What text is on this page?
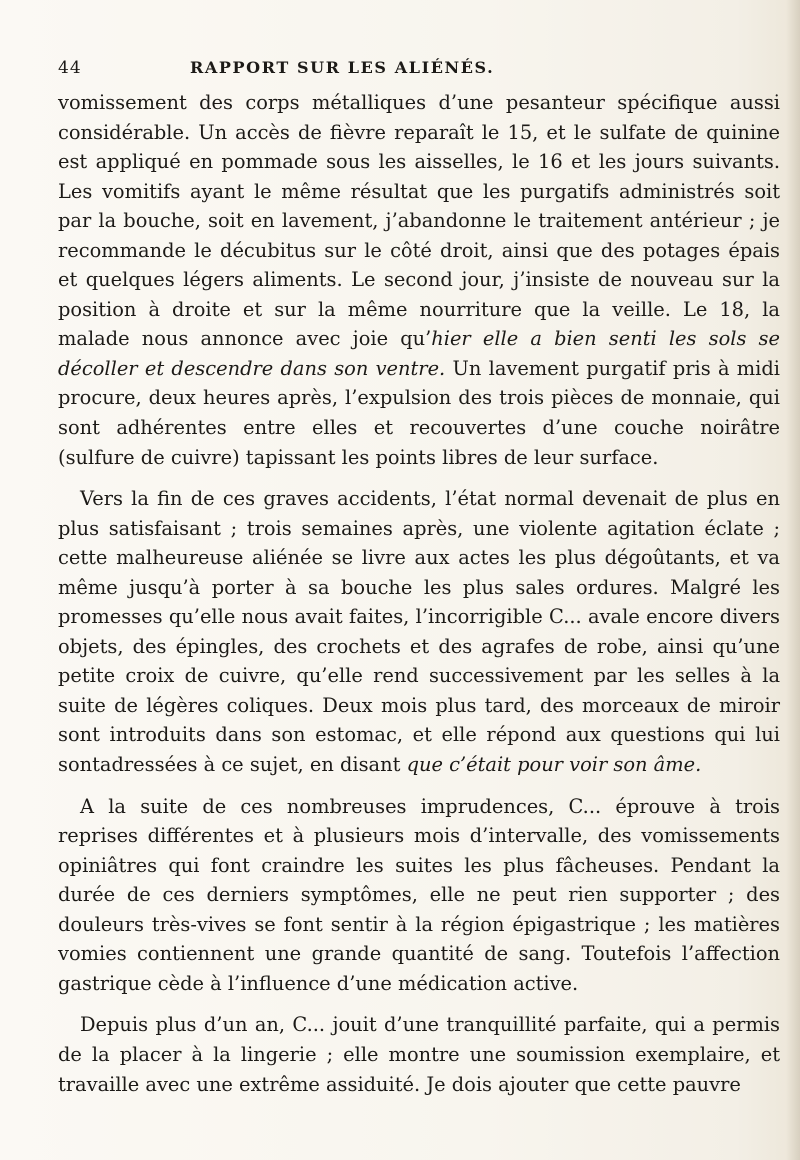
44	RAPPORT SUR LES ALIÉNÉS.

vomissement des corps métalliques d’une pesanteur spécifique aussi considérable. Un accès de fièvre reparaît le 15, et le sulfate de quinine est appliqué en pommade sous les aisselles, le 16 et les jours suivants. Les vomitifs ayant le même résultat que les purgatifs administrés soit par la bouche, soit en lavement, j’abandonne le traitement antérieur ; je recommande le décubitus sur le côté droit, ainsi que des potages épais et quelques légers aliments. Le second jour, j’insiste de nouveau sur la position à droite et sur la même nourriture que la veille. Le 18, la malade nous annonce avec joie qu’hier elle a bien senti les sols se décoller et descendre dans son ventre. Un lavement purgatif pris à midi procure, deux heures après, l’expulsion des trois pièces de monnaie, qui sont adhérentes entre elles et recouvertes d’une couche noirâtre (sulfure de cuivre) tapissant les points libres de leur surface.

Vers la fin de ces graves accidents, l’état normal devenait de plus en plus satisfaisant ; trois semaines après, une violente agitation éclate ; cette malheureuse aliénée se livre aux actes les plus dégoûtants, et va même jusqu’à porter à sa bouche les plus sales ordures. Malgré les promesses qu’elle nous avait faites, l’incorrigible C... avale encore divers objets, des épingles, des crochets et des agrafes de robe, ainsi qu’une petite croix de cuivre, qu’elle rend successivement par les selles à la suite de légères coliques. Deux mois plus tard, des morceaux de miroir sont introduits dans son estomac, et elle répond aux questions qui lui sontadressées à ce sujet, en disant que c’était pour voir son âme.

A la suite de ces nombreuses imprudences, C... éprouve à trois reprises différentes et à plusieurs mois d’intervalle, des vomissements opiniâtres qui font craindre les suites les plus fâcheuses. Pendant la durée de ces derniers symptômes, elle ne peut rien supporter ; des douleurs très-vives se font sentir à la région épigastrique ; les matières vomies contiennent une grande quantité de sang. Toutefois l’affection gastrique cède à l’influence d’une médication active.

Depuis plus d’un an, C... jouit d’une tranquillité parfaite, qui a permis de la placer à la lingerie ; elle montre une soumission exemplaire, et travaille avec une extrême assiduité. Je dois ajouter que cette pauvre
